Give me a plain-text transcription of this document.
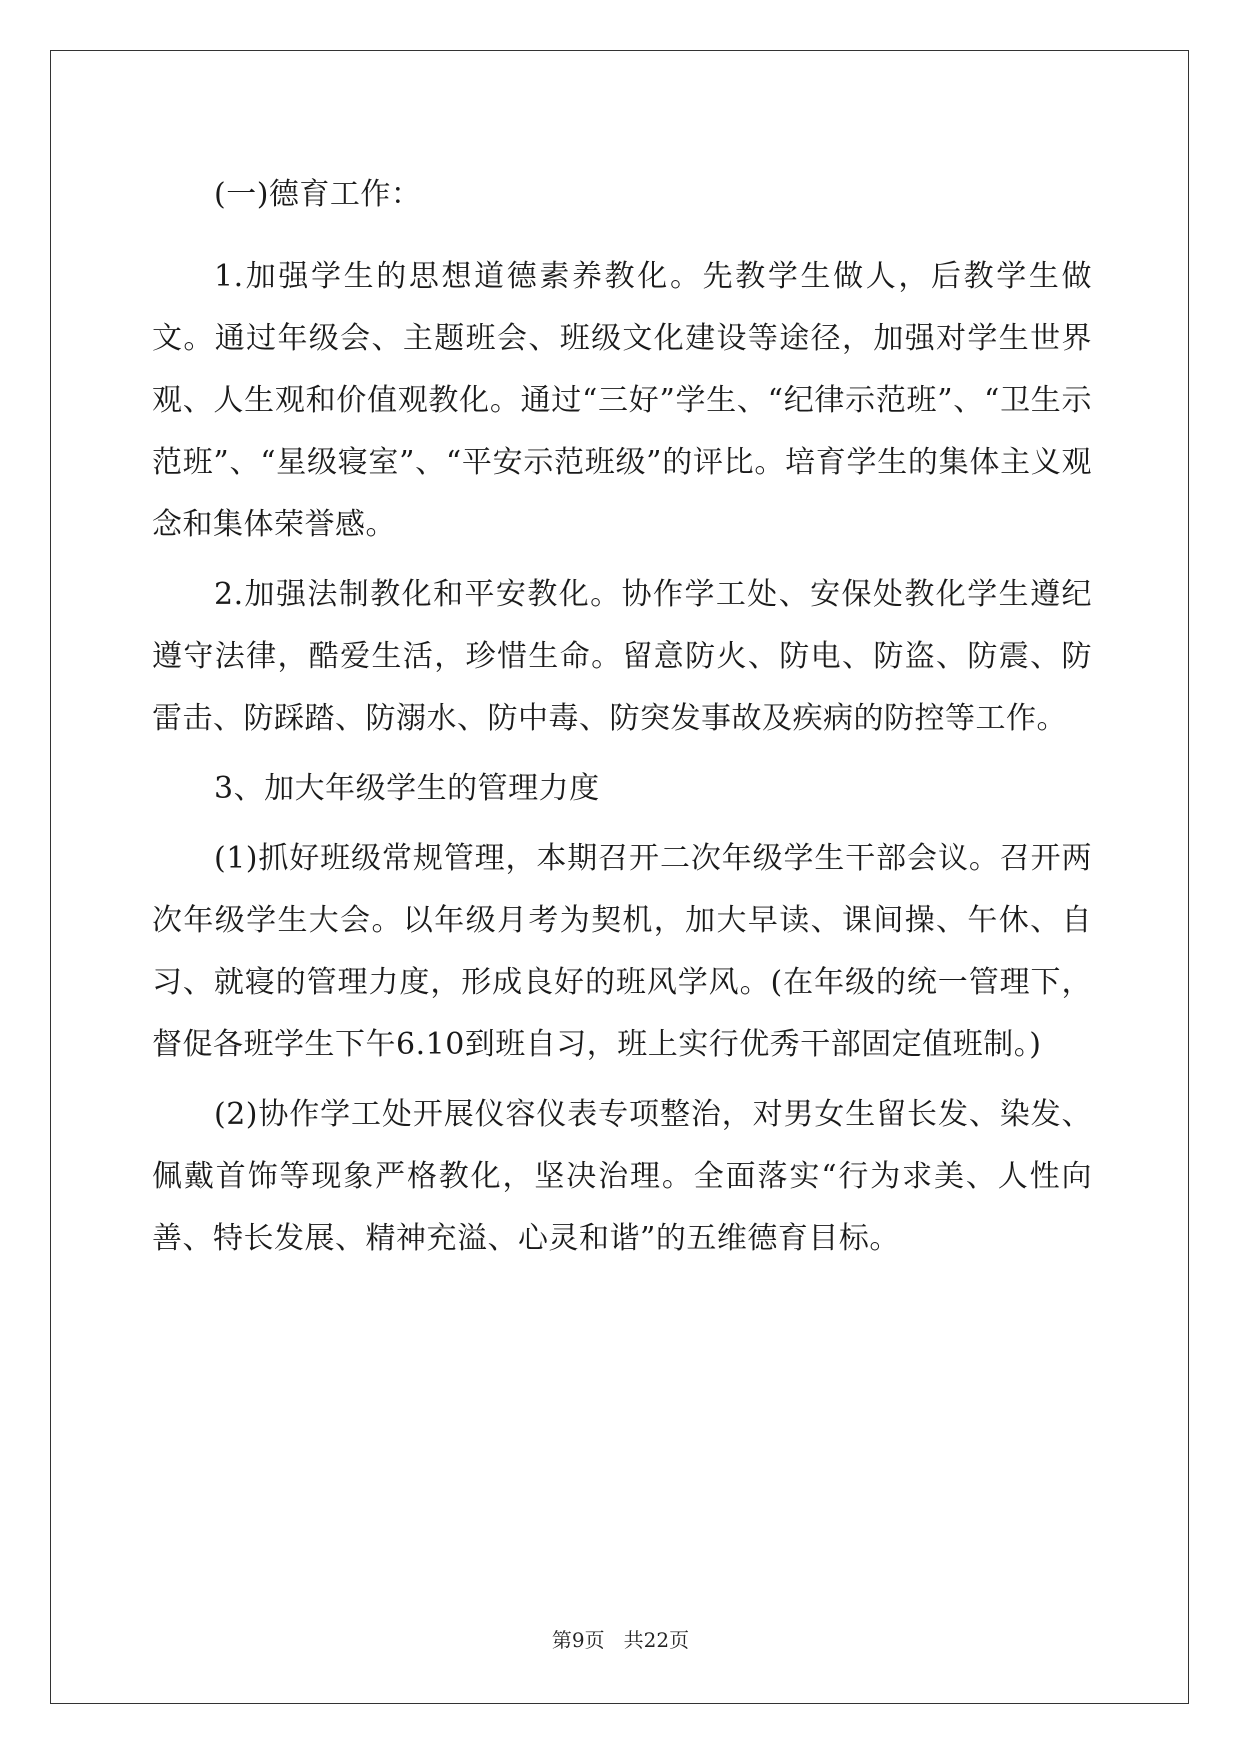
(一)德育工作：

1.加强学生的思想道德素养教化。先教学生做人，后教学生做文。通过年级会、主题班会、班级文化建设等途径，加强对学生世界观、人生观和价值观教化。通过“三好”学生、“纪律示范班”、“卫生示范班”、“星级寝室”、“平安示范班级”的评比。培育学生的集体主义观念和集体荣誉感。

2.加强法制教化和平安教化。协作学工处、安保处教化学生遵纪遵守法律，酷爱生活，珍惜生命。留意防火、防电、防盗、防震、防雷击、防踩踏、防溺水、防中毒、防突发事故及疾病的防控等工作。

3、加大年级学生的管理力度

(1)抓好班级常规管理，本期召开二次年级学生干部会议。召开两次年级学生大会。以年级月考为契机，加大早读、课间操、午休、自习、就寝的管理力度，形成良好的班风学风。(在年级的统一管理下，督促各班学生下午6.10到班自习，班上实行优秀干部固定值班制。)

(2)协作学工处开展仪容仪表专项整治，对男女生留长发、染发、佩戴首饰等现象严格教化，坚决治理。全面落实“行为求美、人性向善、特长发展、精神充溢、心灵和谐”的五维德育目标。

第9页 共22页
